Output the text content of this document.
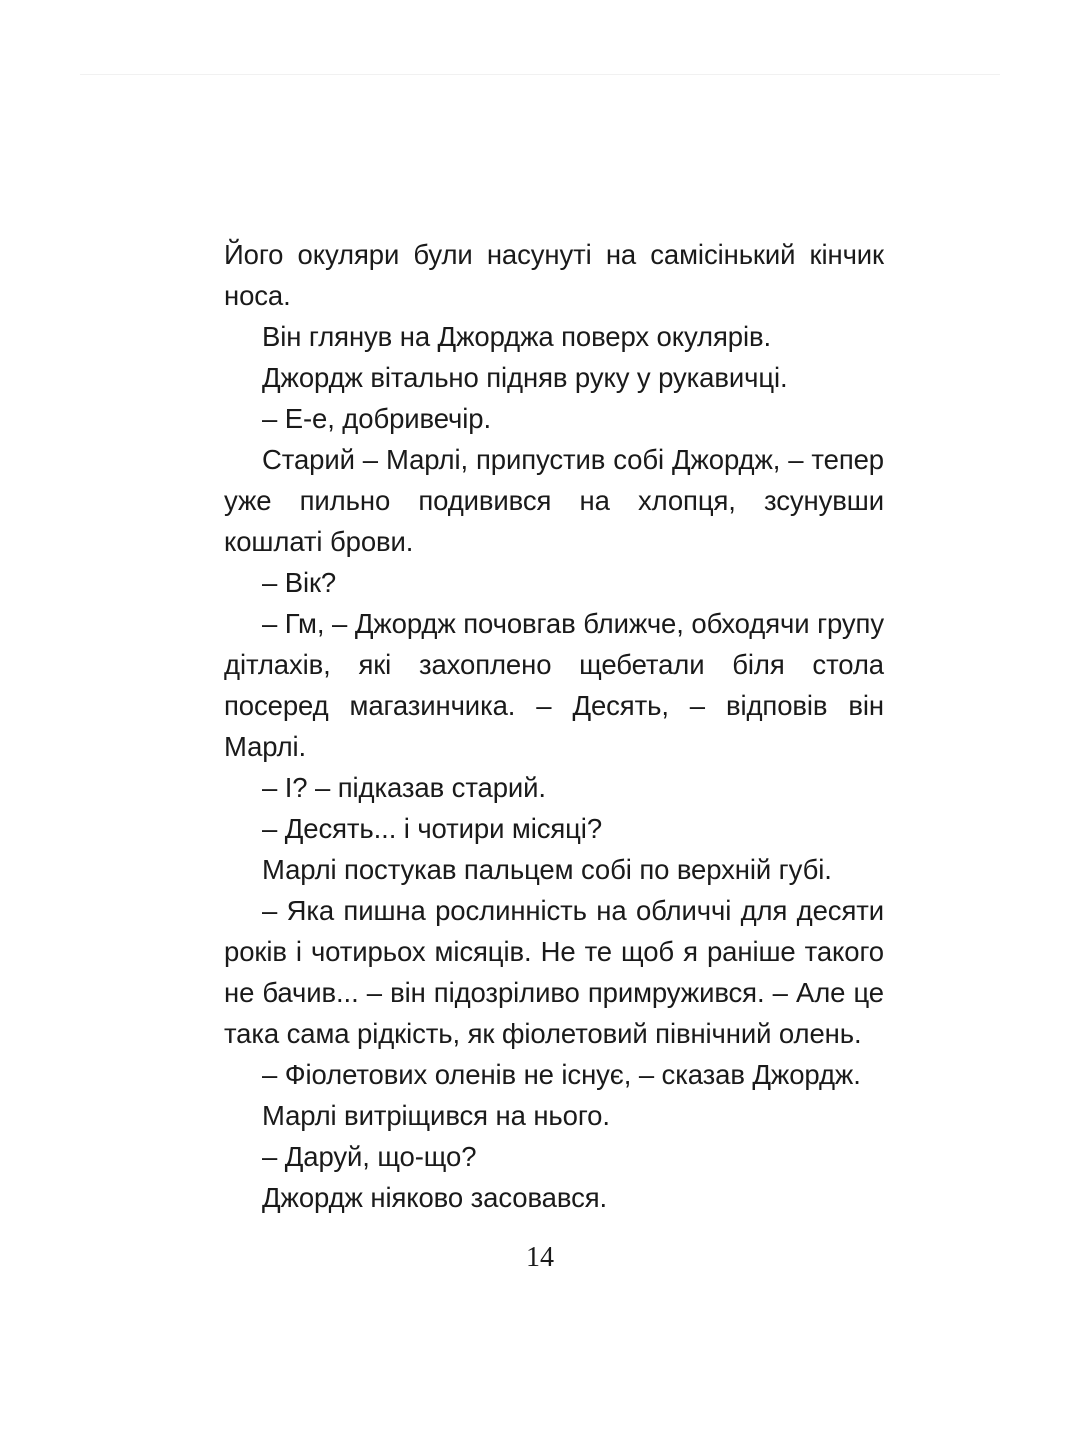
Його окуляри були насунуті на самісінький кінчик носа.

Він глянув на Джорджа поверх окулярів.

Джордж вітально підняв руку у рукавичці.

– Е-е, добривечір.

Старий – Марлі, припустив собі Джордж, – тепер уже пильно подивився на хлопця, зсунувши кошлаті брови.

– Вік?

– Гм, – Джордж почовгав ближче, обходячи групу дітлахів, які захоплено щебетали біля стола посеред магазинчика. – Десять, – відповів він Марлі.

– І? – підказав старий.

– Десять... і чотири місяці?

Марлі постукав пальцем собі по верхній губі.

– Яка пишна рослинність на обличчі для десяти років і чотирьох місяців. Не те щоб я раніше такого не бачив... – він підозріливо примружився. – Але це така сама рідкість, як фіолетовий північний олень.

– Фіолетових оленів не існує, – сказав Джордж.

Марлі витріщився на нього.

– Даруй, що-що?

Джордж ніяково засовався.

14
